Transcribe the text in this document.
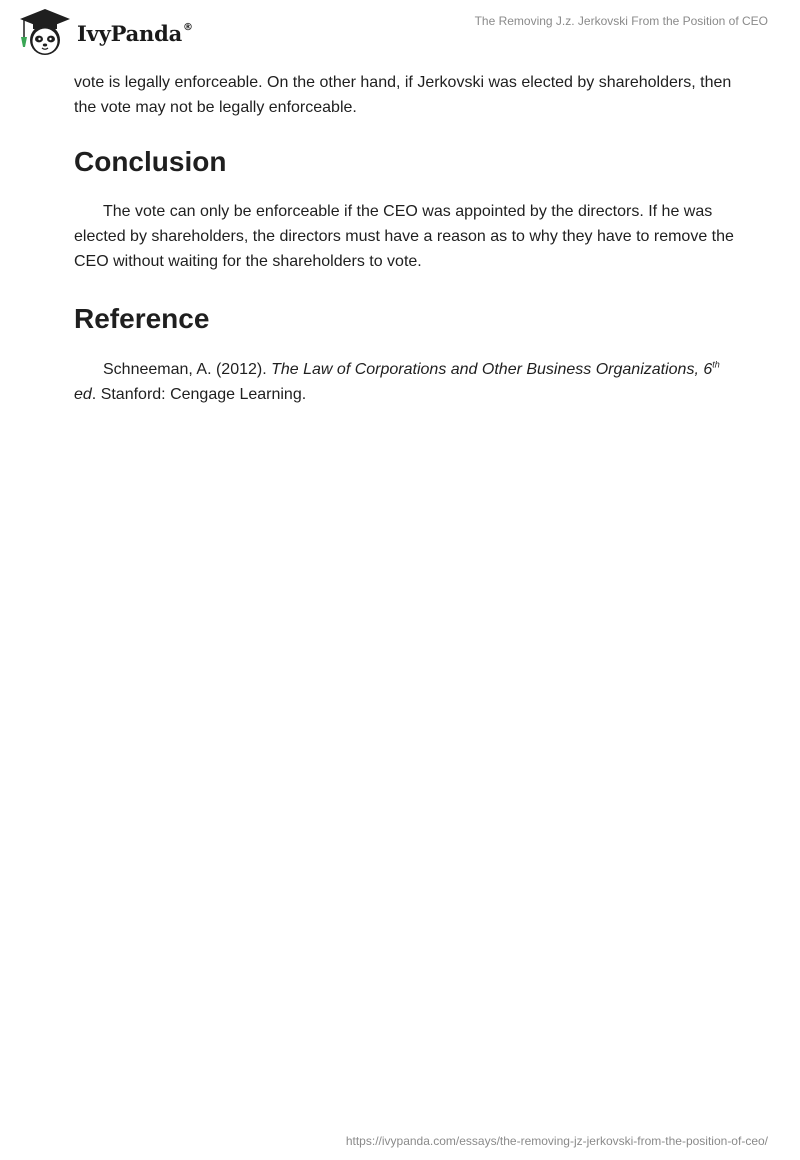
IvyPanda®	The Removing J.z. Jerkovski From the Position of CEO

vote is legally enforceable. On the other hand, if Jerkovski was elected by shareholders, then the vote may not be legally enforceable.

Conclusion

The vote can only be enforceable if the CEO was appointed by the directors. If he was elected by shareholders, the directors must have a reason as to why they have to remove the CEO without waiting for the shareholders to vote.

Reference

Schneeman, A. (2012). The Law of Corporations and Other Business Organizations, 6th ed. Stanford: Cengage Learning.

https://ivypanda.com/essays/the-removing-jz-jerkovski-from-the-position-of-ceo/
